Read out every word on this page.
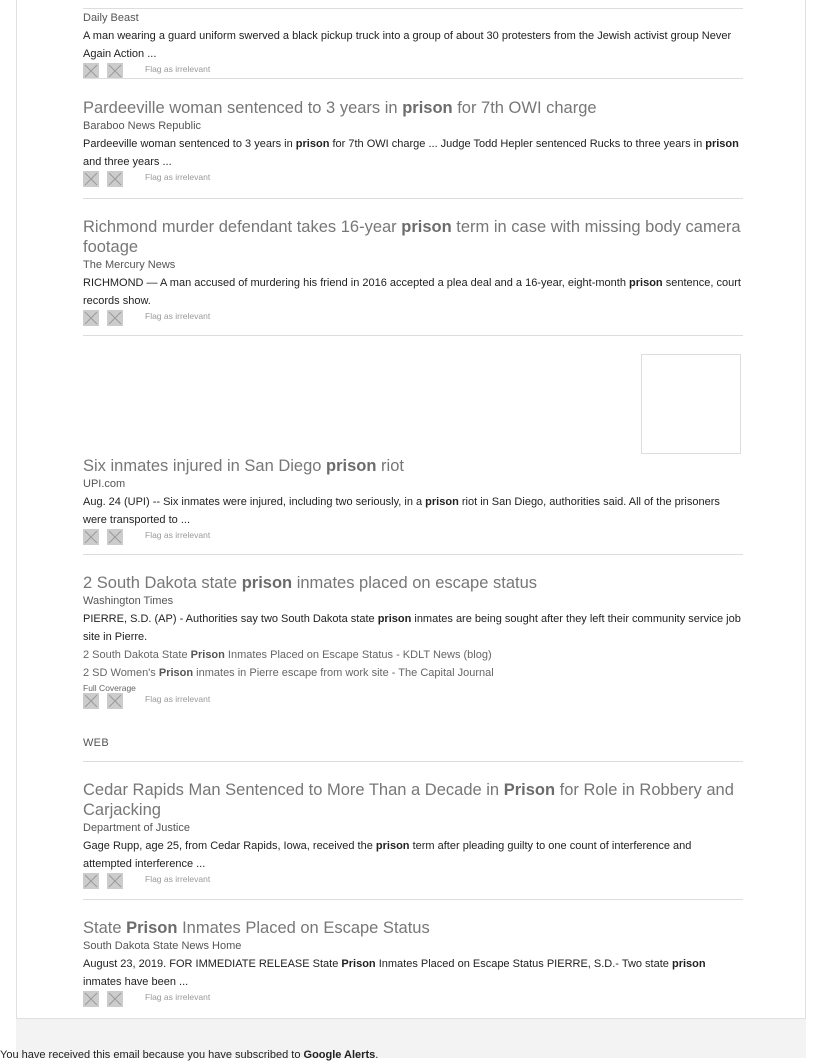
Daily Beast
A man wearing a guard uniform swerved a black pickup truck into a group of about 30 protesters from the Jewish activist group Never Again Action ...
Flag as irrelevant
Pardeeville woman sentenced to 3 years in prison for 7th OWI charge
Baraboo News Republic
Pardeeville woman sentenced to 3 years in prison for 7th OWI charge ... Judge Todd Hepler sentenced Rucks to three years in prison and three years ...
Flag as irrelevant
Richmond murder defendant takes 16-year prison term in case with missing body camera footage
The Mercury News
RICHMOND — A man accused of murdering his friend in 2016 accepted a plea deal and a 16-year, eight-month prison sentence, court records show.
Flag as irrelevant
Six inmates injured in San Diego prison riot
UPI.com
Aug. 24 (UPI) -- Six inmates were injured, including two seriously, in a prison riot in San Diego, authorities said. All of the prisoners were transported to ...
Flag as irrelevant
2 South Dakota state prison inmates placed on escape status
Washington Times
PIERRE, S.D. (AP) - Authorities say two South Dakota state prison inmates are being sought after they left their community service job site in Pierre.
2 South Dakota State Prison Inmates Placed on Escape Status - KDLT News (blog)
2 SD Women's Prison inmates in Pierre escape from work site - The Capital Journal
Full Coverage
Flag as irrelevant
Cedar Rapids Man Sentenced to More Than a Decade in Prison for Role in Robbery and Carjacking
Department of Justice
Gage Rupp, age 25, from Cedar Rapids, Iowa, received the prison term after pleading guilty to one count of interference and attempted interference ...
Flag as irrelevant
State Prison Inmates Placed on Escape Status
South Dakota State News Home
August 23, 2019. FOR IMMEDIATE RELEASE State Prison Inmates Placed on Escape Status PIERRE, S.D.- Two state prison inmates have been ...
Flag as irrelevant
WEB
You have received this email because you have subscribed to Google Alerts.
